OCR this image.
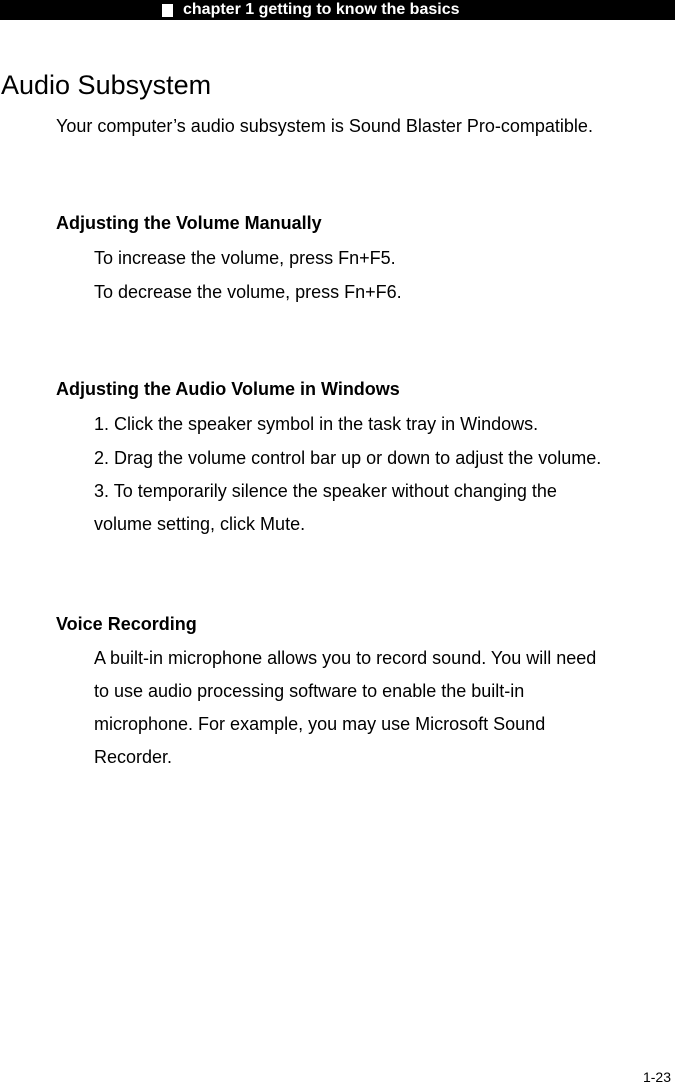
chapter 1 getting to know the basics
Audio Subsystem
Your computer’s audio subsystem is Sound Blaster Pro-compatible.
Adjusting the Volume Manually
To increase the volume, press Fn+F5.
To decrease the volume, press Fn+F6.
Adjusting the Audio Volume in Windows
1. Click the speaker symbol in the task tray in Windows.
2. Drag the volume control bar up or down to adjust the volume.
3. To temporarily silence the speaker without changing the
volume setting, click Mute.
Voice Recording
A built-in microphone allows you to record sound. You will need
to use audio processing software to enable the built-in
microphone. For example, you may use Microsoft Sound
Recorder.
1-23
